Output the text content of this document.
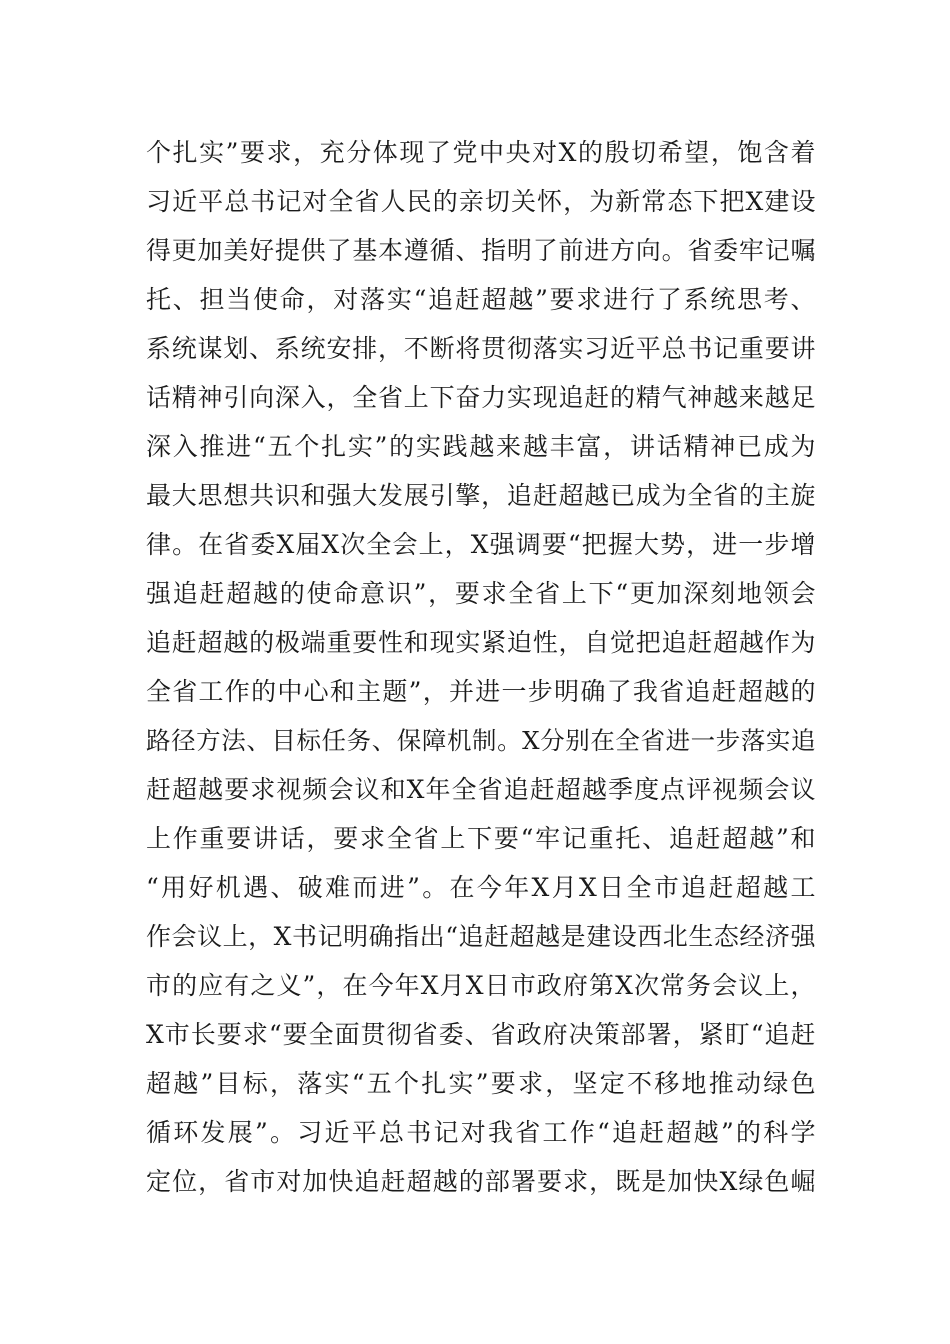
个扎实”要求，充分体现了党中央对X的殷切希望，饱含着
习近平总书记对全省人民的亲切关怀，为新常态下把X建设
得更加美好提供了基本遵循、指明了前进方向。省委牢记嘱
托、担当使命，对落实“追赶超越”要求进行了系统思考、
系统谋划、系统安排，不断将贯彻落实习近平总书记重要讲
话精神引向深入，全省上下奋力实现追赶的精气神越来越足
深入推进“五个扎实”的实践越来越丰富，讲话精神已成为
最大思想共识和强大发展引擎，追赶超越已成为全省的主旋
律。在省委X届X次全会上，X强调要“把握大势，进一步增
强追赶超越的使命意识”，要求全省上下“更加深刻地领会
追赶超越的极端重要性和现实紧迫性，自觉把追赶超越作为
全省工作的中心和主题”，并进一步明确了我省追赶超越的
路径方法、目标任务、保障机制。X分别在全省进一步落实追
赶超越要求视频会议和X年全省追赶超越季度点评视频会议
上作重要讲话，要求全省上下要“牢记重托、追赶超越”和
“用好机遇、破难而进”。在今年X月X日全市追赶超越工
作会议上，X书记明确指出“追赶超越是建设西北生态经济强
市的应有之义”，在今年X月X日市政府第X次常务会议上，
X市长要求“要全面贯彻省委、省政府决策部署，紧盯“追赶
超越”目标，落实“五个扎实”要求，坚定不移地推动绿色
循环发展”。习近平总书记对我省工作“追赶超越”的科学
定位，省市对加快追赶超越的部署要求，既是加快X绿色崛
